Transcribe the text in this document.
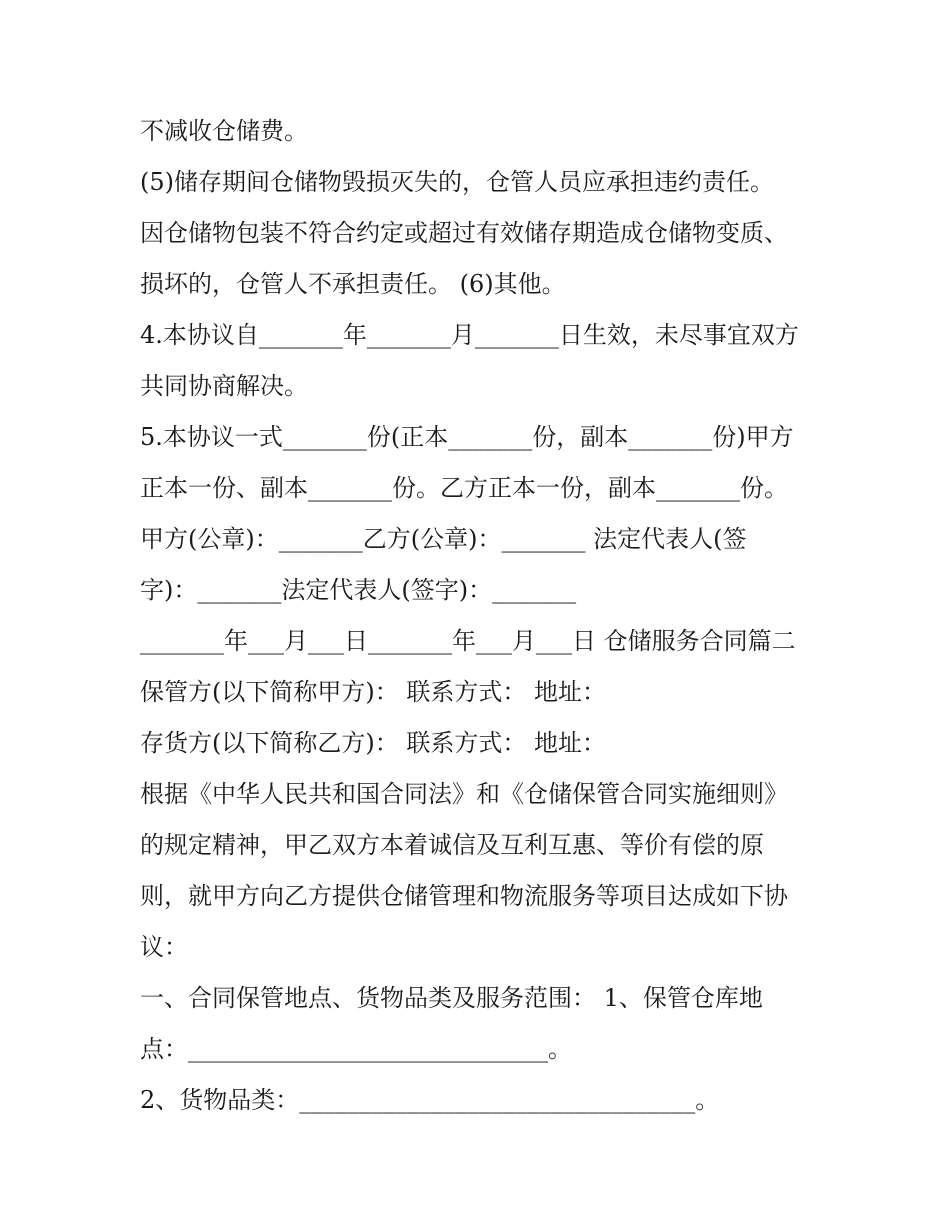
不减收仓储费。
(5)储存期间仓储物毁损灭失的，仓管人员应承担违约责任。
因仓储物包装不符合约定或超过有效储存期造成仓储物变质、
损坏的，仓管人不承担责任。 (6)其他。
4.本协议自_______年_______月_______日生效，未尽事宜双方
共同协商解决。
5.本协议一式_______份(正本_______份，副本_______份)甲方
正本一份、副本_______份。乙方正本一份，副本_______份。
甲方(公章)：_______乙方(公章)：_______ 法定代表人(签
字)：_______法定代表人(签字)：_______
_______年___月___日_______年___月___日 仓储服务合同篇二
保管方(以下简称甲方)： 联系方式： 地址：
存货方(以下简称乙方)： 联系方式： 地址：
根据《中华人民共和国合同法》和《仓储保管合同实施细则》
的规定精神，甲乙双方本着诚信及互利互惠、等价有偿的原
则，就甲方向乙方提供仓储管理和物流服务等项目达成如下协
议：
一、合同保管地点、货物品类及服务范围： 1、保管仓库地
点：______________________________。
2、货物品类：_________________________________。
